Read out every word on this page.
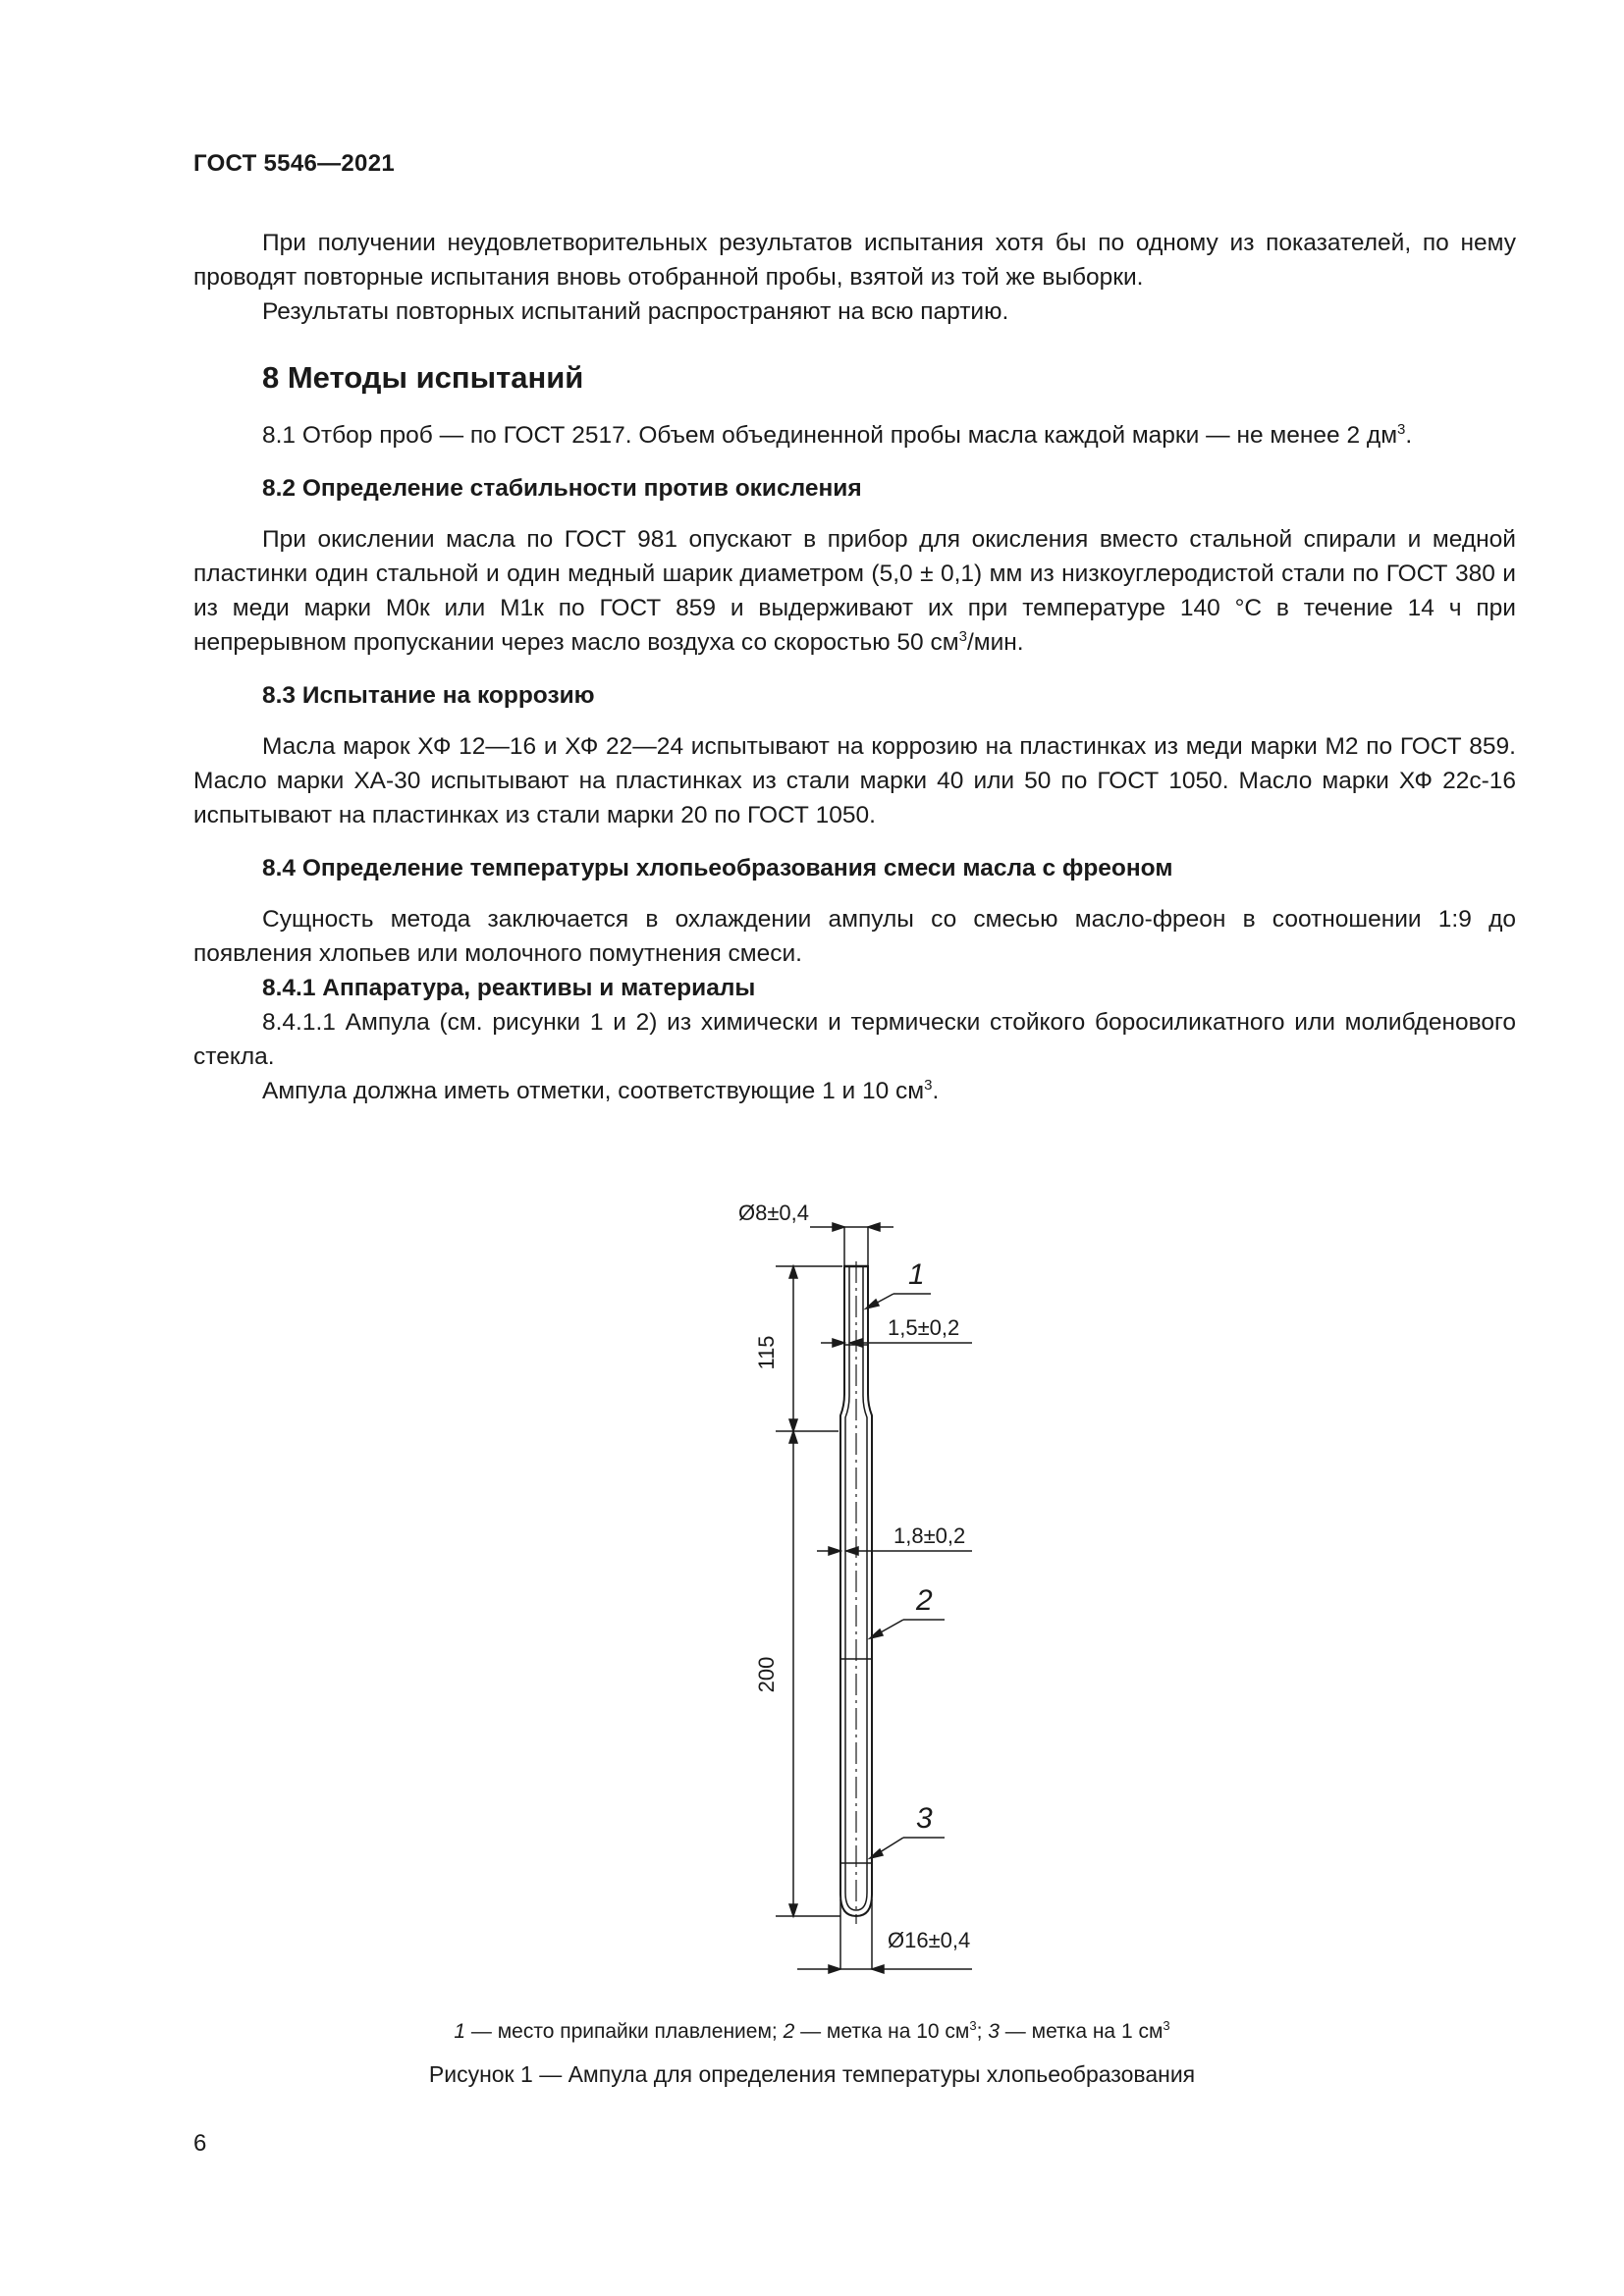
ГОСТ 5546—2021

При получении неудовлетворительных результатов испытания хотя бы по одному из показателей, по нему проводят повторные испытания вновь отобранной пробы, взятой из той же выборки.

Результаты повторных испытаний распространяют на всю партию.

8 Методы испытаний

8.1 Отбор проб — по ГОСТ 2517. Объем объединенной пробы масла каждой марки — не менее 2 $дм^3$.

8.2 Определение стабильности против окисления

При окислении масла по ГОСТ 981 опускают в прибор для окисления вместо стальной спирали и медной пластинки один стальной и один медный шарик диаметром (5,0 ± 0,1) мм из низкоуглеродистой стали по ГОСТ 380 и из меди марки М0к или М1к по ГОСТ 859 и выдерживают их при температуре 140 °С в течение 14 ч при непрерывном пропускании через масло воздуха со скоростью 50 $см^3$/мин.

8.3 Испытание на коррозию

Масла марок ХФ 12—16 и ХФ 22—24 испытывают на коррозию на пластинках из меди марки М2 по ГОСТ 859. Масло марки ХА-30 испытывают на пластинках из стали марки 40 или 50 по ГОСТ 1050. Масло марки ХФ 22с-16 испытывают на пластинках из стали марки 20 по ГОСТ 1050.

8.4 Определение температуры хлопьеобразования смеси масла с фреоном

Сущность метода заключается в охлаждении ампулы со смесью масло-фреон в соотношении 1:9 до появления хлопьев или молочного помутнения смеси.

8.4.1 Аппаратура, реактивы и материалы

8.4.1.1 Ампула (см. рисунки 1 и 2) из химически и термически стойкого боросиликатного или молибденового стекла.

Ампула должна иметь отметки, соответствующие 1 и 10 $см^3$.

Ø8±0,4
115
1,5±0,2
1,8±0,2
200
Ø16±0,4
1
2
3
1 — место припайки плавлением; 2 — метка на 10 $см^3$; 3 — метка на 1 $см^3$
Рисунок 1 — Ампула для определения температуры хлопьеобразования
6
